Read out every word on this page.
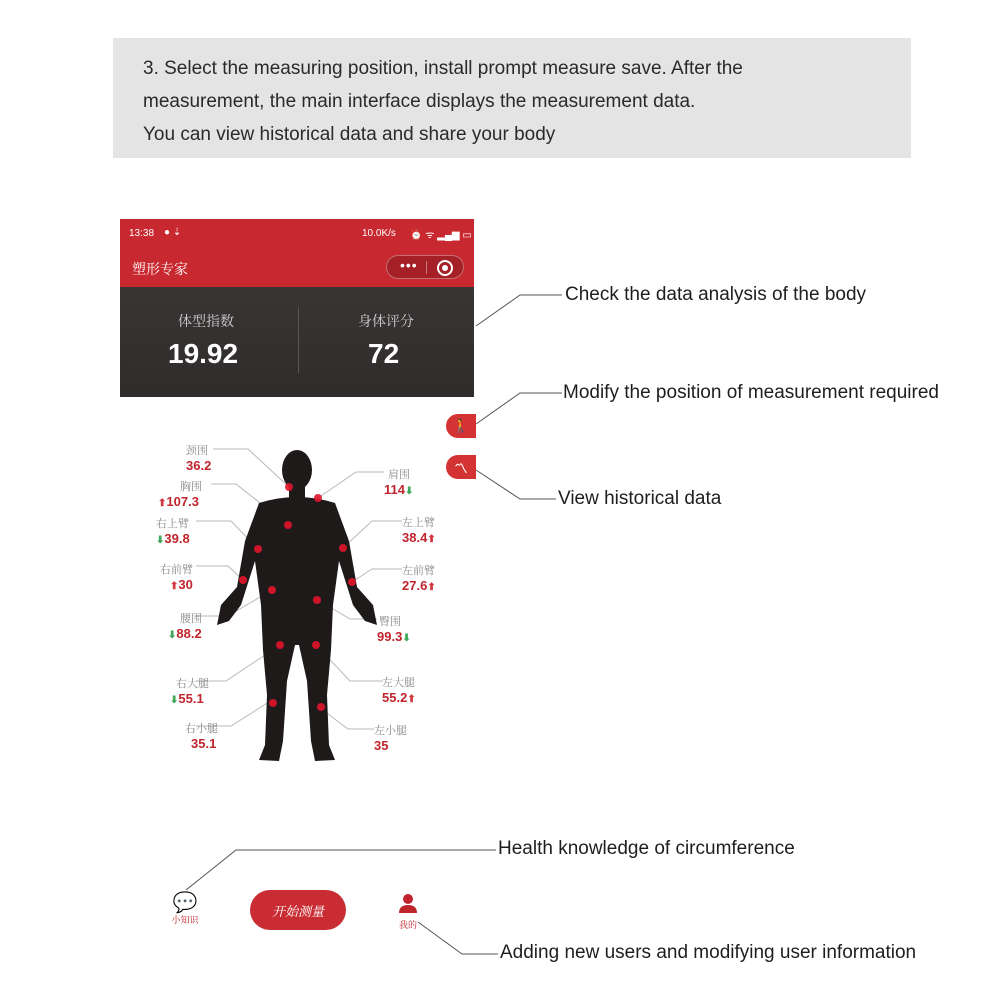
3. Select the measuring position, install prompt measure save. After the
measurement, the main interface displays the measurement data.
You can view historical data and share your body
13:38 ● ⇣	10.0K/s ⏰ ᯤ ▂▄▆ ▭
塑形专家	•••
体型指数
19.92
身体评分
72
🚶
〽
颈围
36.2
胸围
⬆107.3
右上臂
⬇39.8
右前臂
⬆30
腰围
⬇88.2
右大腿
⬇55.1
右小腿
35.1
肩围
114⬇
左上臂
38.4⬆
左前臂
27.6⬆
臀围
99.3⬇
左大腿
55.2⬆
左小腿
35
Check the data analysis of the body
Modify the position of measurement required
View historical data
Health knowledge of circumference
Adding new users and modifying user information
💬
小知识
开始测量
我的
